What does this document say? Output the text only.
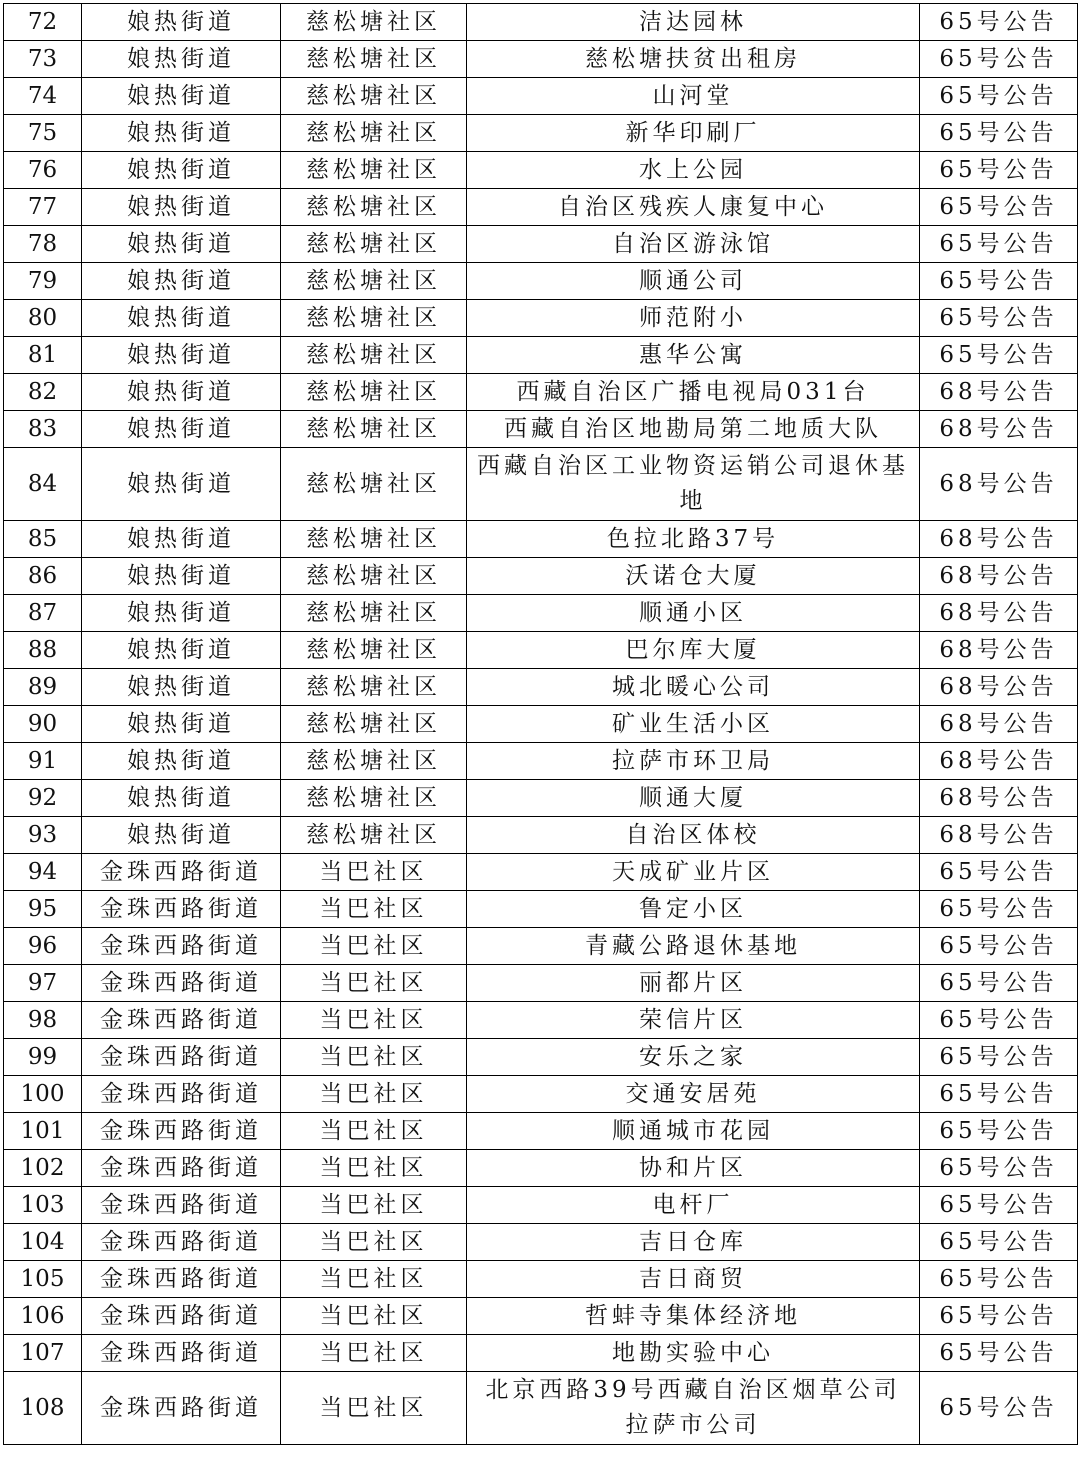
72	娘热街道	慈松塘社区	洁达园林	65号公告
73	娘热街道	慈松塘社区	慈松塘扶贫出租房	65号公告
74	娘热街道	慈松塘社区	山河堂	65号公告
75	娘热街道	慈松塘社区	新华印刷厂	65号公告
76	娘热街道	慈松塘社区	水上公园	65号公告
77	娘热街道	慈松塘社区	自治区残疾人康复中心	65号公告
78	娘热街道	慈松塘社区	自治区游泳馆	65号公告
79	娘热街道	慈松塘社区	顺通公司	65号公告
80	娘热街道	慈松塘社区	师范附小	65号公告
81	娘热街道	慈松塘社区	惠华公寓	65号公告
82	娘热街道	慈松塘社区	西藏自治区广播电视局031台	68号公告
83	娘热街道	慈松塘社区	西藏自治区地勘局第二地质大队	68号公告
84	娘热街道	慈松塘社区	西藏自治区工业物资运销公司退休基地	68号公告
85	娘热街道	慈松塘社区	色拉北路37号	68号公告
86	娘热街道	慈松塘社区	沃诺仓大厦	68号公告
87	娘热街道	慈松塘社区	顺通小区	68号公告
88	娘热街道	慈松塘社区	巴尔库大厦	68号公告
89	娘热街道	慈松塘社区	城北暖心公司	68号公告
90	娘热街道	慈松塘社区	矿业生活小区	68号公告
91	娘热街道	慈松塘社区	拉萨市环卫局	68号公告
92	娘热街道	慈松塘社区	顺通大厦	68号公告
93	娘热街道	慈松塘社区	自治区体校	68号公告
94	金珠西路街道	当巴社区	天成矿业片区	65号公告
95	金珠西路街道	当巴社区	鲁定小区	65号公告
96	金珠西路街道	当巴社区	青藏公路退休基地	65号公告
97	金珠西路街道	当巴社区	丽都片区	65号公告
98	金珠西路街道	当巴社区	荣信片区	65号公告
99	金珠西路街道	当巴社区	安乐之家	65号公告
100	金珠西路街道	当巴社区	交通安居苑	65号公告
101	金珠西路街道	当巴社区	顺通城市花园	65号公告
102	金珠西路街道	当巴社区	协和片区	65号公告
103	金珠西路街道	当巴社区	电杆厂	65号公告
104	金珠西路街道	当巴社区	吉日仓库	65号公告
105	金珠西路街道	当巴社区	吉日商贸	65号公告
106	金珠西路街道	当巴社区	哲蚌寺集体经济地	65号公告
107	金珠西路街道	当巴社区	地勘实验中心	65号公告
108	金珠西路街道	当巴社区	北京西路39号西藏自治区烟草公司拉萨市公司	65号公告
